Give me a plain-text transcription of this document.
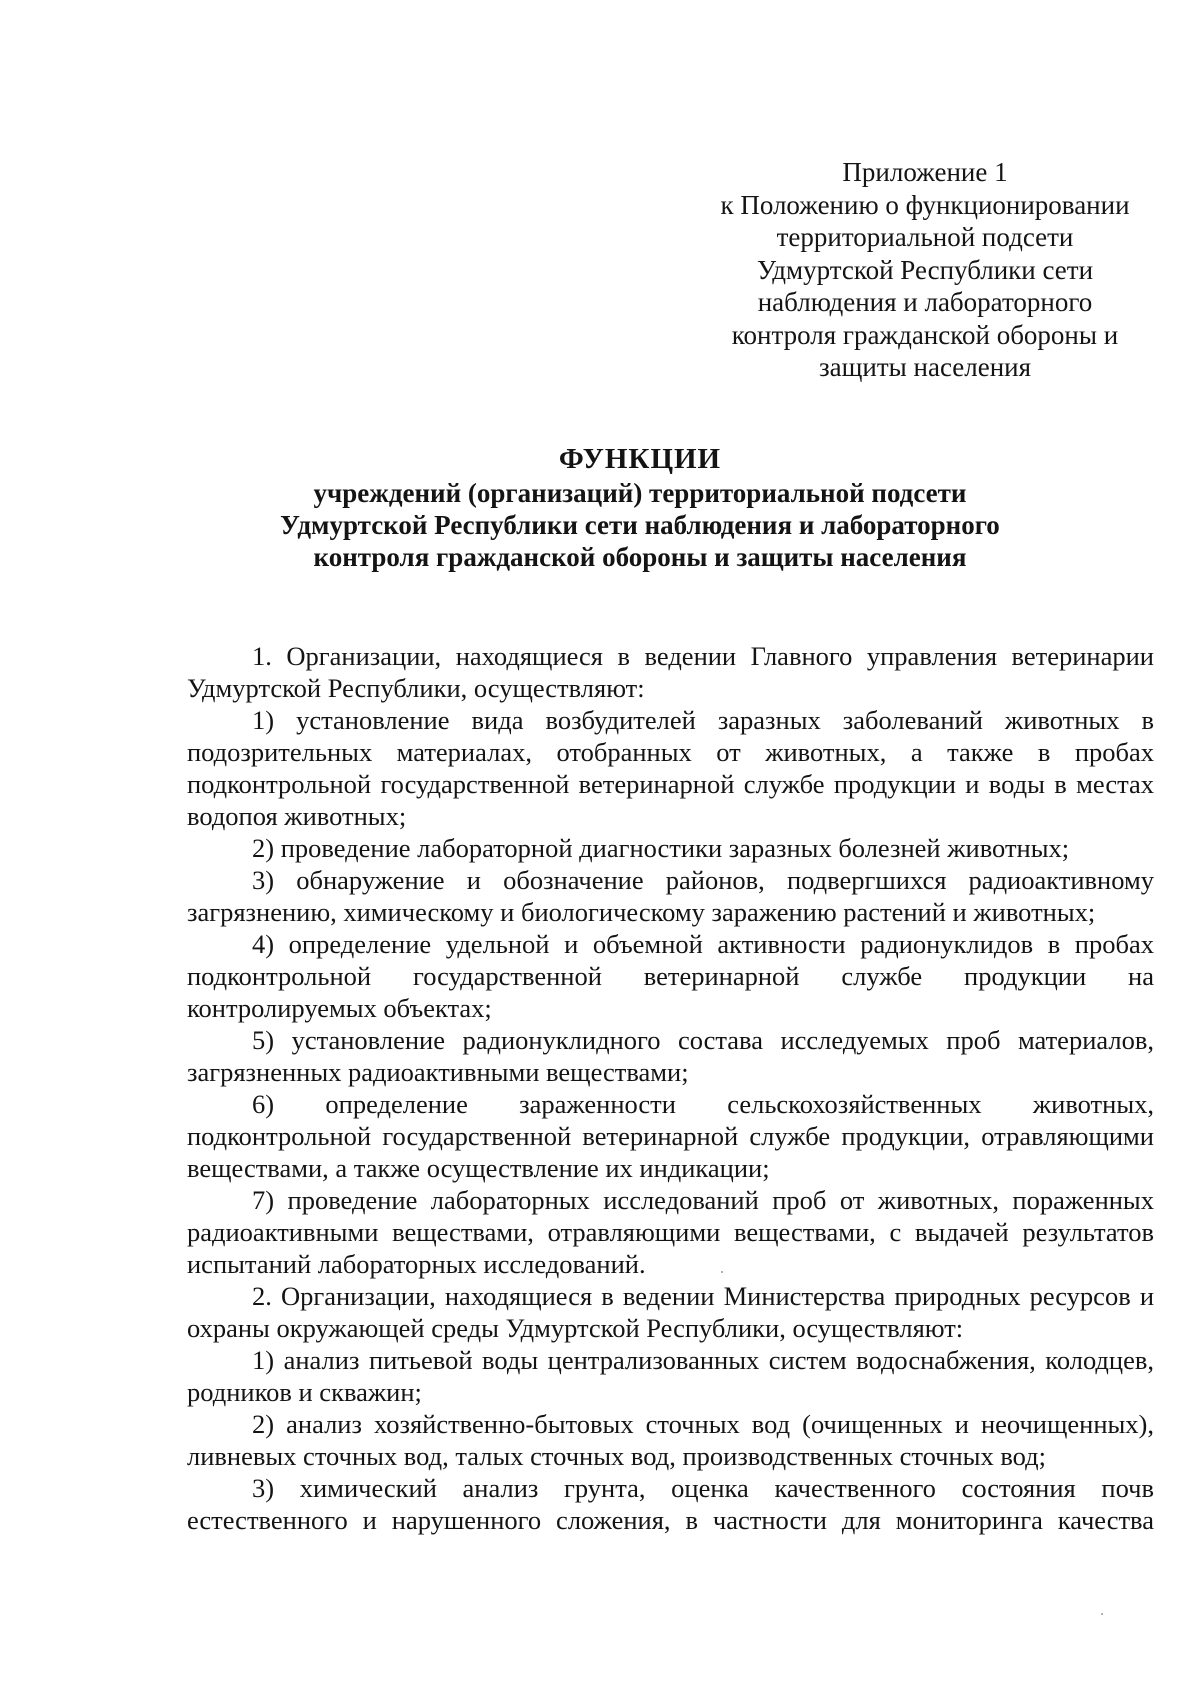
Приложение 1
к Положению о функционировании
территориальной подсети
Удмуртской Республики сети
наблюдения и лабораторного
контроля гражданской обороны и
защиты населения
ФУНКЦИИ
учреждений (организаций) территориальной подсети
Удмуртской Республики сети наблюдения и лабораторного
контроля гражданской обороны и защиты населения

1. Организации, находящиеся в ведении Главного управления ветеринарии Удмуртской Республики, осуществляют:

1) установление вида возбудителей заразных заболеваний животных в подозрительных материалах, отобранных от животных, а также в пробах подконтрольной государственной ветеринарной службе продукции и воды в местах водопоя животных;

2) проведение лабораторной диагностики заразных болезней животных;

3) обнаружение и обозначение районов, подвергшихся радиоактивному загрязнению, химическому и биологическому заражению растений и животных;

4) определение удельной и объемной активности радионуклидов в пробах подконтрольной государственной ветеринарной службе продукции на контролируемых объектах;

5) установление радионуклидного состава исследуемых проб материалов, загрязненных радиоактивными веществами;

6) определение зараженности сельскохозяйственных животных, подконтрольной государственной ветеринарной службе продукции, отравляющими веществами, а также осуществление их индикации;

7) проведение лабораторных исследований проб от животных, пораженных радиоактивными веществами, отравляющими веществами, с выдачей результатов испытаний лабораторных исследований.

2. Организации, находящиеся в ведении Министерства природных ресурсов и охраны окружающей среды Удмуртской Республики, осуществляют:

1) анализ питьевой воды централизованных систем водоснабжения, колодцев, родников и скважин;

2) анализ хозяйственно-бытовых сточных вод (очищенных и неочищенных), ливневых сточных вод, талых сточных вод, производственных сточных вод;

3) химический анализ грунта, оценка качественного состояния почв естественного и нарушенного сложения, в частности для мониторинга качества
